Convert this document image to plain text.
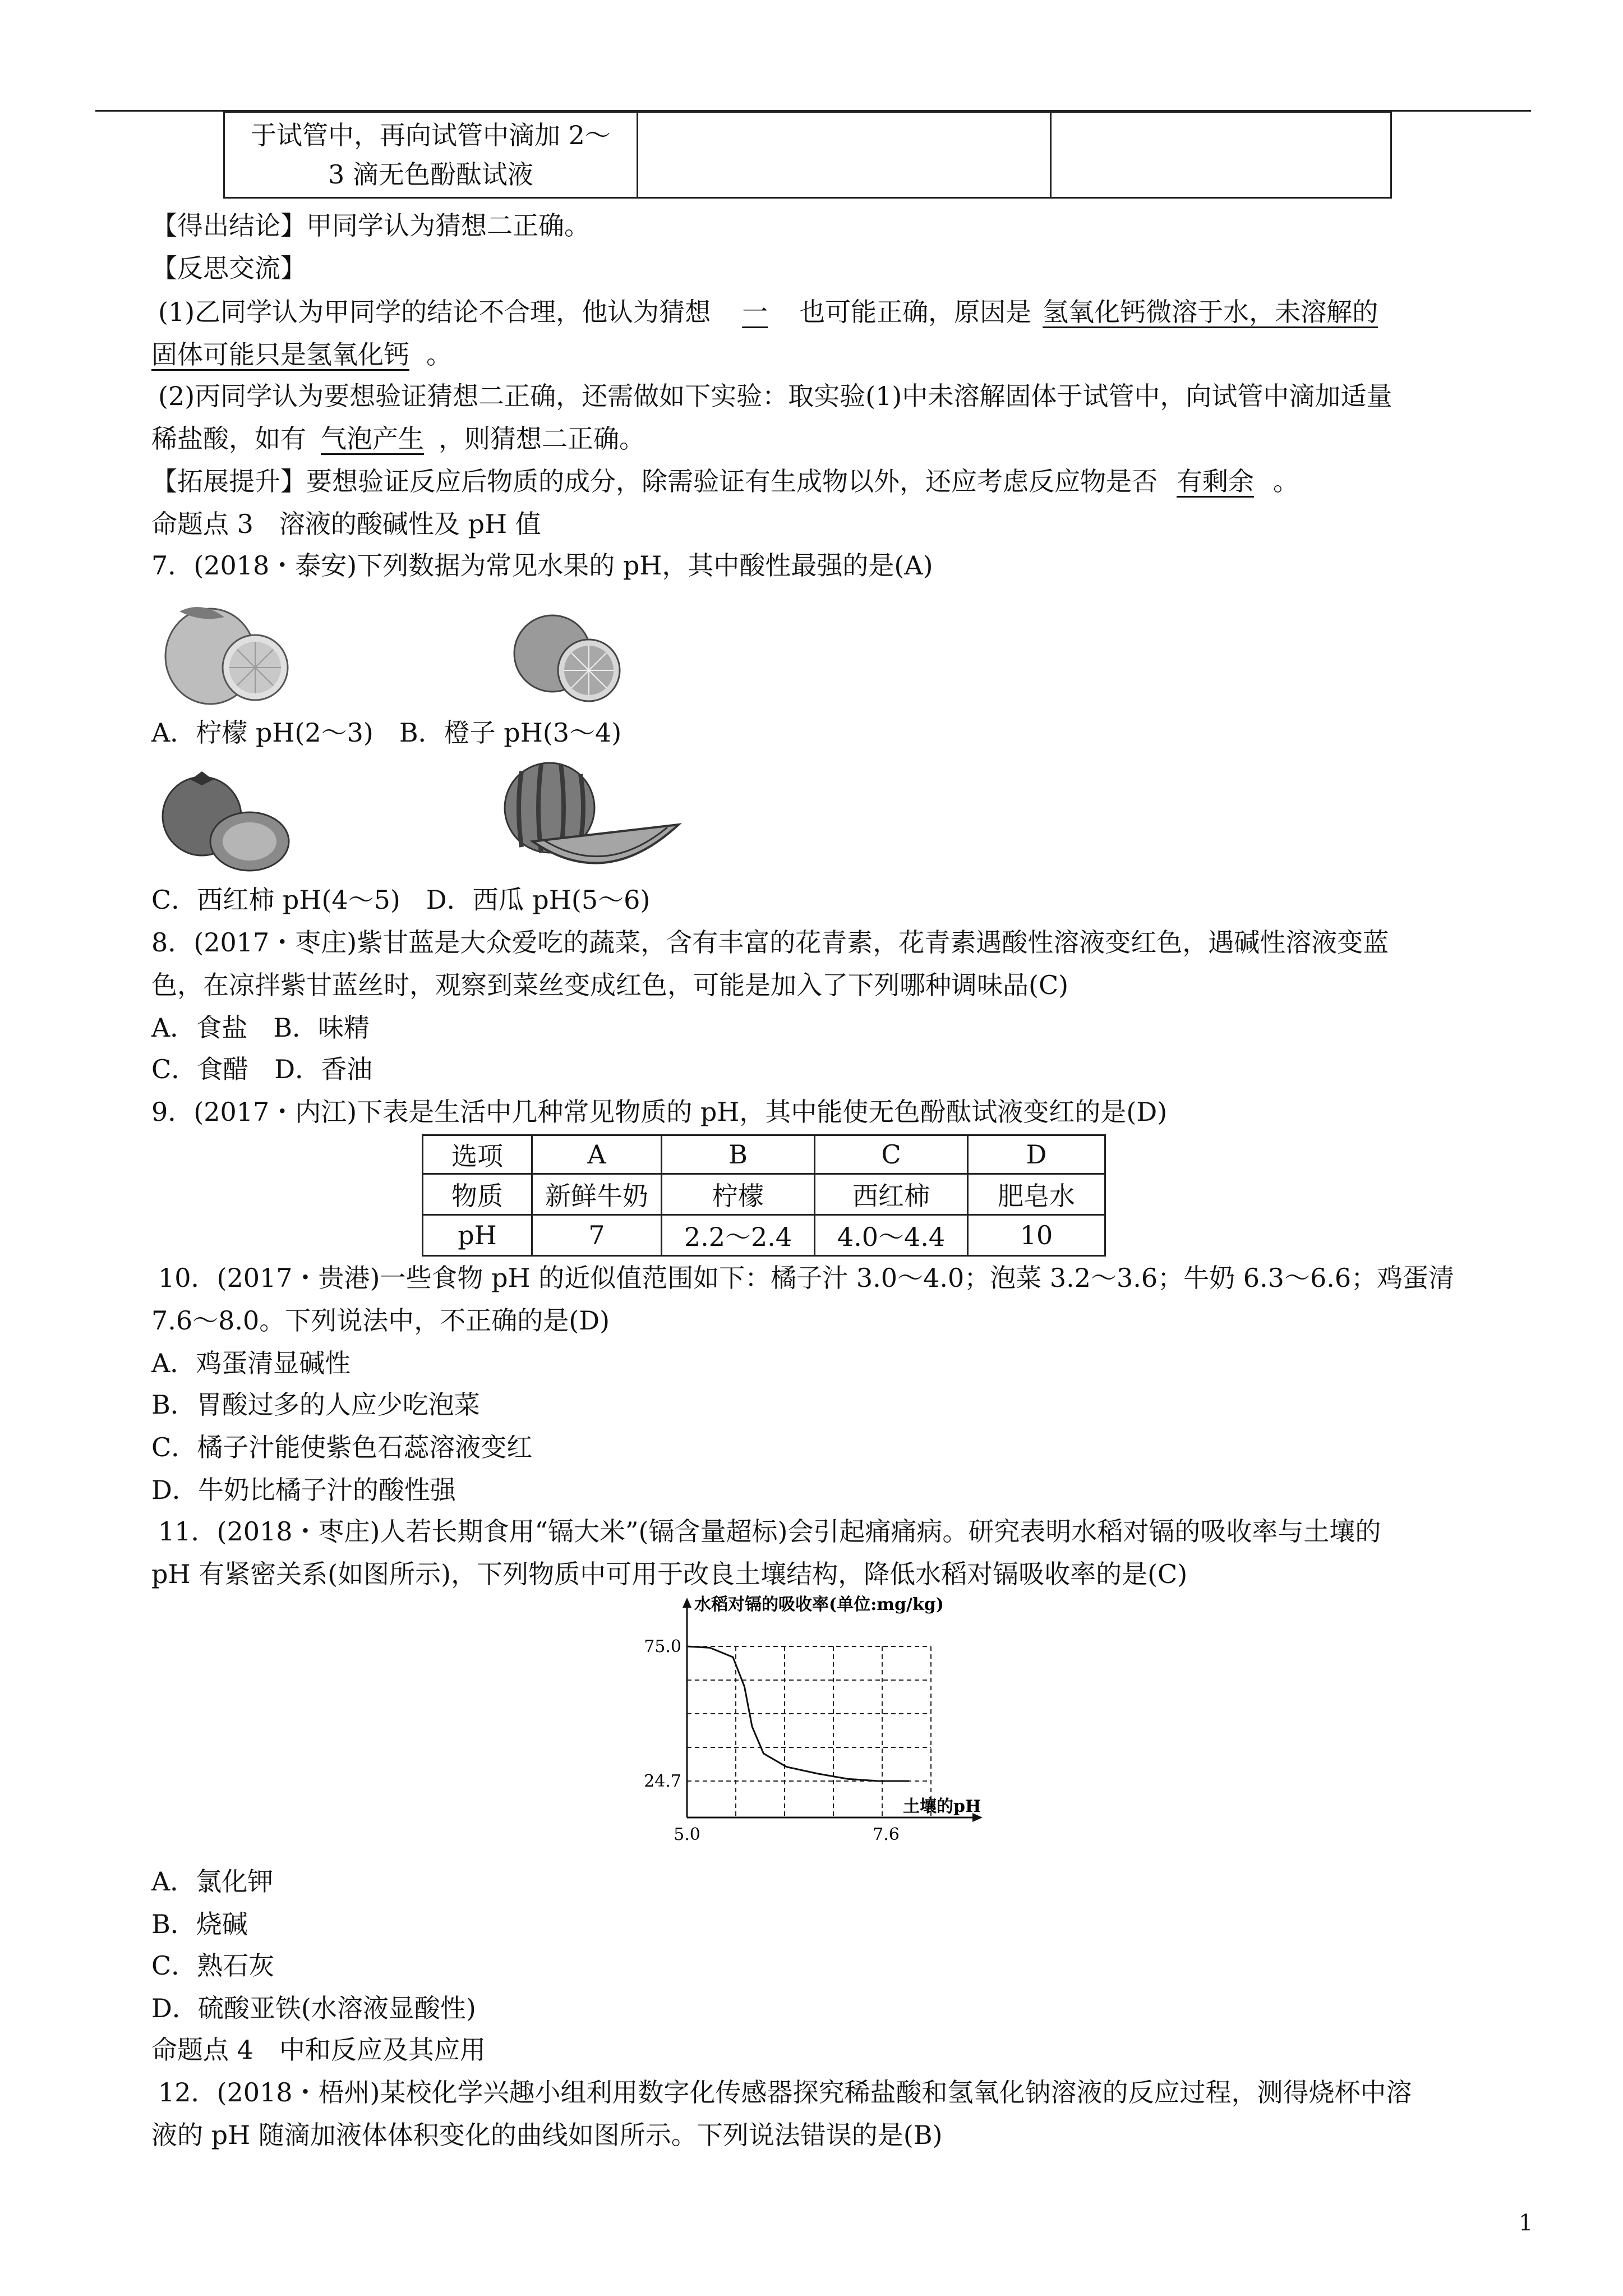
于试管中，再向试管中滴加 2～
3 滴无色酚酞试液

【得出结论】甲同学认为猜想二正确。
【反思交流】
(1)乙同学认为甲同学的结论不合理，他认为猜想 一 也可能正确，原因是 氢氧化钙微溶于水，未溶解的
固体可能只是氢氧化钙 。
(2)丙同学认为要想验证猜想二正确，还需做如下实验：取实验(1)中未溶解固体于试管中，向试管中滴加适量
稀盐酸，如有 气泡产生 ，则猜想二正确。
【拓展提升】要想验证反应后物质的成分，除需验证有生成物以外，还应考虑反应物是否 有剩余 。
命题点 3　溶液的酸碱性及 pH 值
7．(2018・泰安)下列数据为常见水果的 pH，其中酸性最强的是(A)
A．柠檬 pH(2～3)　B．橙子 pH(3～4)
C．西红柿 pH(4～5)　D．西瓜 pH(5～6)
8．(2017・枣庄)紫甘蓝是大众爱吃的蔬菜，含有丰富的花青素，花青素遇酸性溶液变红色，遇碱性溶液变蓝
色，在凉拌紫甘蓝丝时，观察到菜丝变成红色，可能是加入了下列哪种调味品(C)
A．食盐　B．味精
C．食醋　D．香油
9．(2017・内江)下表是生活中几种常见物质的 pH，其中能使无色酚酞试液变红的是(D)
选项	A	B	C	D
物质	新鲜牛奶	柠檬	西红柿	肥皂水
pH	7	2.2～2.4	4.0～4.4	10
10．(2017・贵港)一些食物 pH 的近似值范围如下：橘子汁 3.0～4.0；泡菜 3.2～3.6；牛奶 6.3～6.6；鸡蛋清
7.6～8.0。下列说法中，不正确的是(D)
A．鸡蛋清显碱性
B．胃酸过多的人应少吃泡菜
C．橘子汁能使紫色石蕊溶液变红
D．牛奶比橘子汁的酸性强
11．(2018・枣庄)人若长期食用“镉大米”(镉含量超标)会引起痛痛病。研究表明水稻对镉的吸收率与土壤的
pH 有紧密关系(如图所示)，下列物质中可用于改良土壤结构，降低水稻对镉吸收率的是(C)
水稻对镉的吸收率(单位:mg/kg)
土壤的pH
75.0
24.7
5.0	7.6
A．氯化钾
B．烧碱
C．熟石灰
D．硫酸亚铁(水溶液显酸性)
命题点 4　中和反应及其应用
12．(2018・梧州)某校化学兴趣小组利用数字化传感器探究稀盐酸和氢氧化钠溶液的反应过程，测得烧杯中溶
液的 pH 随滴加液体体积变化的曲线如图所示。下列说法错误的是(B)
1
